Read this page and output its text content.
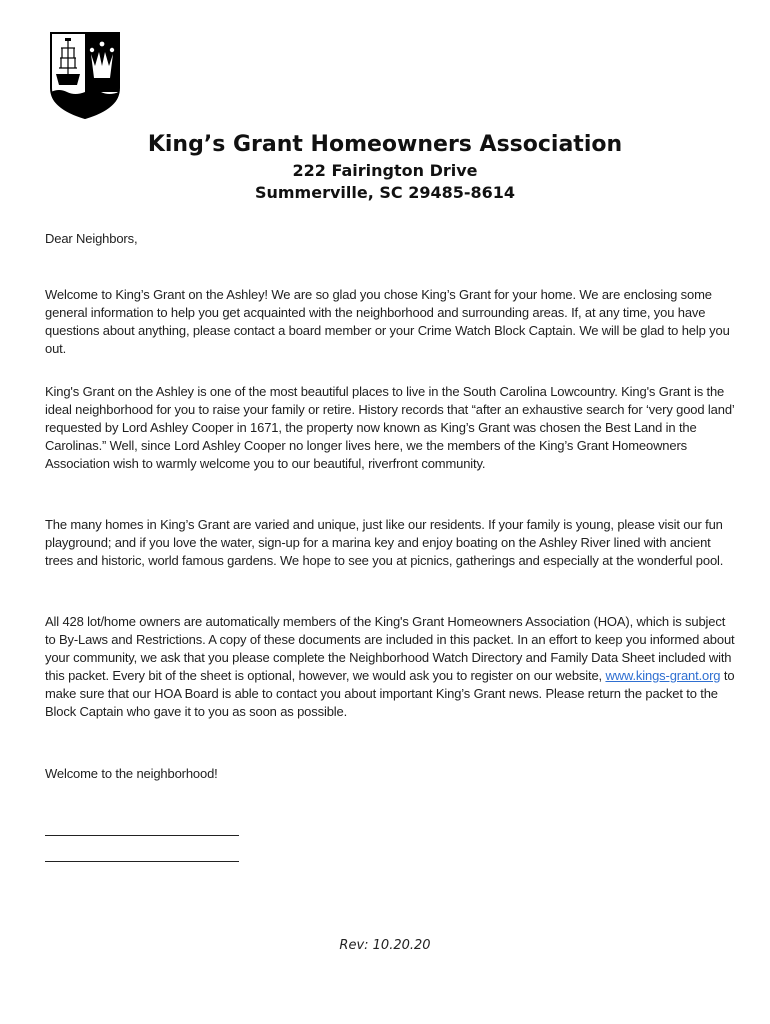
King’s Grant Homeowners Association
222 Fairington Drive
Summerville, SC 29485-8614

Dear Neighbors,

Welcome to King’s Grant on the Ashley! We are so glad you chose King’s Grant for your home. We are enclosing some general information to help you get acquainted with the neighborhood and surrounding areas. If, at any time, you have questions about anything, please contact a board member or your Crime Watch Block Captain. We will be glad to help you out.

King's Grant on the Ashley is one of the most beautiful places to live in the South Carolina Lowcountry. King's Grant is the ideal neighborhood for you to raise your family or retire. History records that “after an exhaustive search for ‘very good land’ requested by Lord Ashley Cooper in 1671, the property now known as King’s Grant was chosen the Best Land in the Carolinas.” Well, since Lord Ashley Cooper no longer lives here, we the members of the King’s Grant Homeowners Association wish to warmly welcome you to our beautiful, riverfront community.

The many homes in King’s Grant are varied and unique, just like our residents. If your family is young, please visit our fun playground; and if you love the water, sign-up for a marina key and enjoy boating on the Ashley River lined with ancient trees and historic, world famous gardens. We hope to see you at picnics, gatherings and especially at the wonderful pool.

All 428 lot/home owners are automatically members of the King's Grant Homeowners Association (HOA), which is subject to By-Laws and Restrictions. A copy of these documents are included in this packet. In an effort to keep you informed about your community, we ask that you please complete the Neighborhood Watch Directory and Family Data Sheet included with this packet. Every bit of the sheet is optional, however, we would ask you to register on our website, www.kings-grant.org to make sure that our HOA Board is able to contact you about important King’s Grant news. Please return the packet to the Block Captain who gave it to you as soon as possible.

Welcome to the neighborhood!

Rev: 10.20.20
